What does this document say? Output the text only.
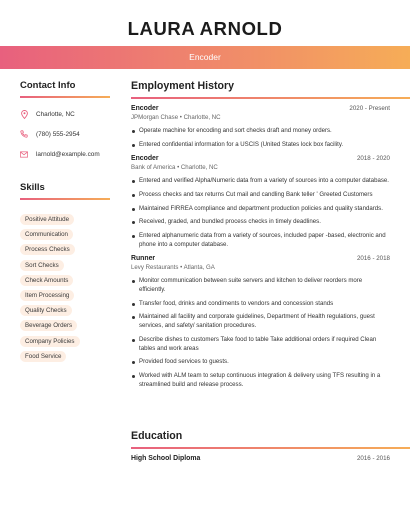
LAURA ARNOLD
Encoder
Contact Info
Charlotte, NC
(780) 555-2954
larnold@example.com
Skills
Positive Attitude
Communication
Process Checks
Sort Checks
Check Amounts
Item Processing
Quality Checks
Beverage Orders
Company Policies
Food Service
Employment History
Encoder	2020 - Present
JPMorgan Chase • Charlotte, NC
Operate machine for encoding and sort checks draft and money orders.
Entered confidential information for a USCIS (United States lock box facility.
Encoder	2018 - 2020
Bank of America • Charlotte, NC
Entered and verified Alpha/Numeric data from a variety of sources into a computer database.
Process checks and tax returns Cut mail and candling Bank teller ' Greeted Customers
Maintained FIRREA compliance and department production policies and quality standards.
Received, graded, and bundled process checks in timely deadlines.
Entered alphanumeric data from a variety of sources, included paper -based, electronic and phone into a computer database.
Runner	2016 - 2018
Levy Restaurants • Atlanta, GA
Monitor communication between suite servers and kitchen to deliver reorders more efficiently.
Transfer food, drinks and condiments to vendors and concession stands
Maintained all facility and corporate guidelines, Department of Health regulations, guest services, and safety/ sanitation procedures.
Describe dishes to customers Take food to table Take additional orders if required Clean tables and work areas
Provided food services to guests.
Worked with ALM team to setup continuous integration & delivery using TFS resulting in a streamlined build and release process.
Education
High School Diploma	2016 - 2016
